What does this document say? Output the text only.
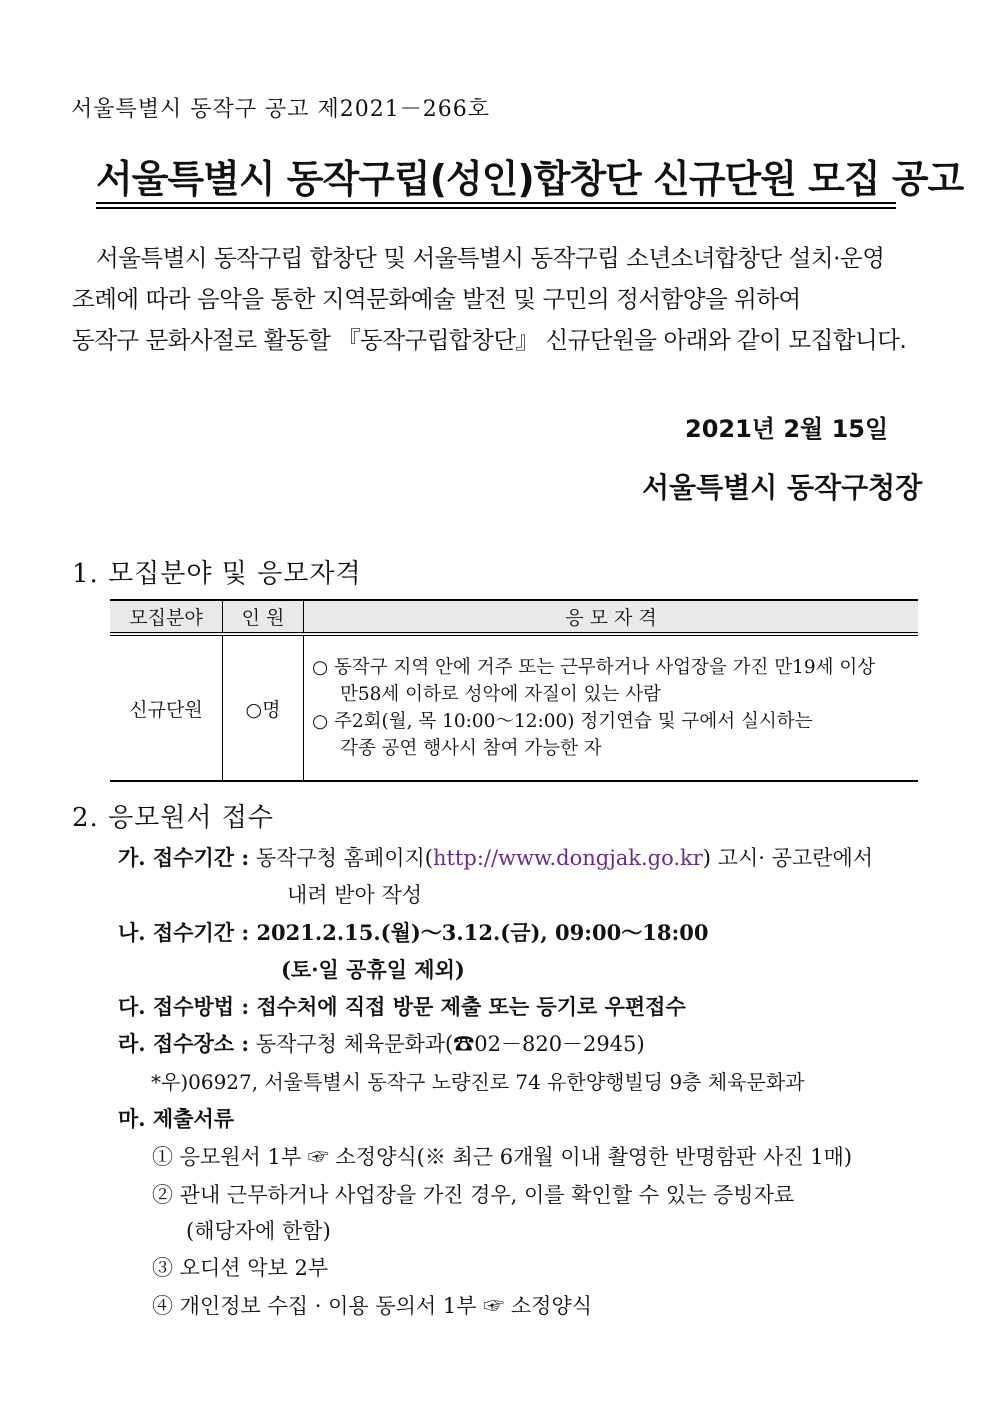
서울특별시 동작구 공고 제2021－266호
서울특별시 동작구립(성인)합창단 신규단원 모집 공고
서울특별시 동작구립 합창단 및 서울특별시 동작구립 소년소녀합창단 설치·운영
조례에 따라 음악을 통한 지역문화예술 발전 및 구민의 정서함양을 위하여
동작구 문화사절로 활동할 『동작구립합창단』 신규단원을 아래와 같이 모집합니다.
2021년 2월 15일
서울특별시 동작구청장
1. 모집분야 및 응모자격
모집분야	인 원	응 모 자 격
신규단원	○명	○ 동작구 지역 안에 거주 또는 근무하거나 사업장을 가진 만19세 이상
만58세 이하로 성악에 자질이 있는 사람
○ 주2회(월, 목 10:00～12:00) 정기연습 및 구에서 실시하는
각종 공연 행사시 참여 가능한 자
2. 응모원서 접수
가. 접수기간 : 동작구청 홈페이지(http://www.dongjak.go.kr) 고시· 공고란에서
내려 받아 작성
나. 접수기간 : 2021.2.15.(월)～3.12.(금), 09:00～18:00
(토·일 공휴일 제외)
다. 접수방법 : 접수처에 직접 방문 제출 또는 등기로 우편접수
라. 접수장소 : 동작구청 체육문화과(☎02－820－2945)
*우)06927, 서울특별시 동작구 노량진로 74 유한양행빌딩 9층 체육문화과
마. 제출서류
① 응모원서 1부 ☞ 소정양식(※ 최근 6개월 이내 촬영한 반명함판 사진 1매)
② 관내 근무하거나 사업장을 가진 경우, 이를 확인할 수 있는 증빙자료
(해당자에 한함)
③ 오디션 악보 2부
④ 개인정보 수집 · 이용 동의서 1부 ☞ 소정양식
